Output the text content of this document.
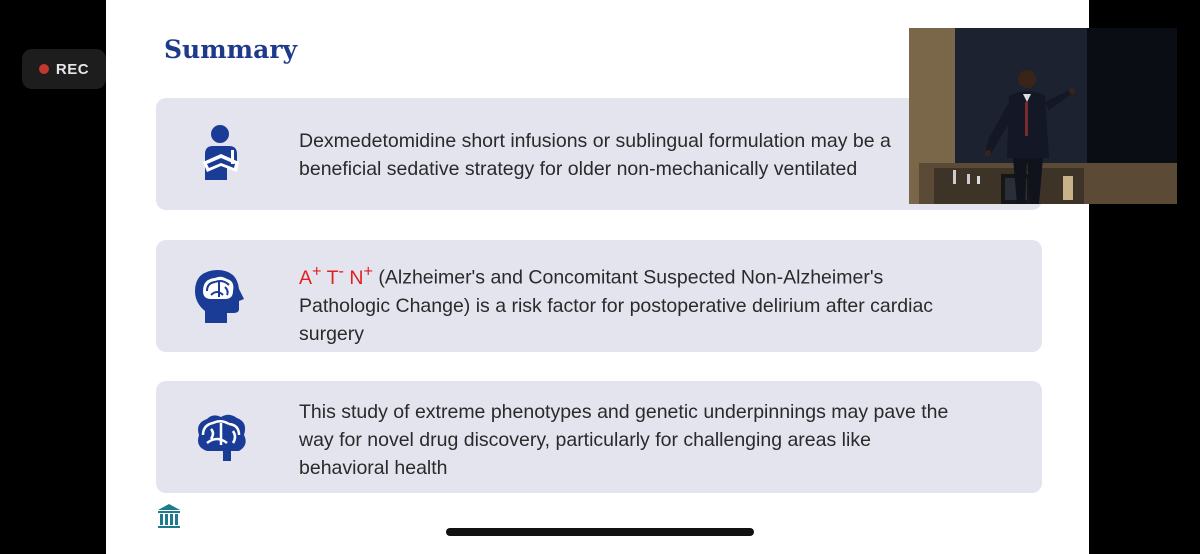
REC
Summary
Dexmedetomidine short infusions or sublingual formulation may be a
beneficial sedative strategy for older non-mechanically ventilated
A+ T- N+ (Alzheimer's and Concomitant Suspected Non-Alzheimer's
Pathologic Change) is a risk factor for postoperative delirium after cardiac
surgery
This study of extreme phenotypes and genetic underpinnings may pave the
way for novel drug discovery, particularly for challenging areas like
behavioral health
